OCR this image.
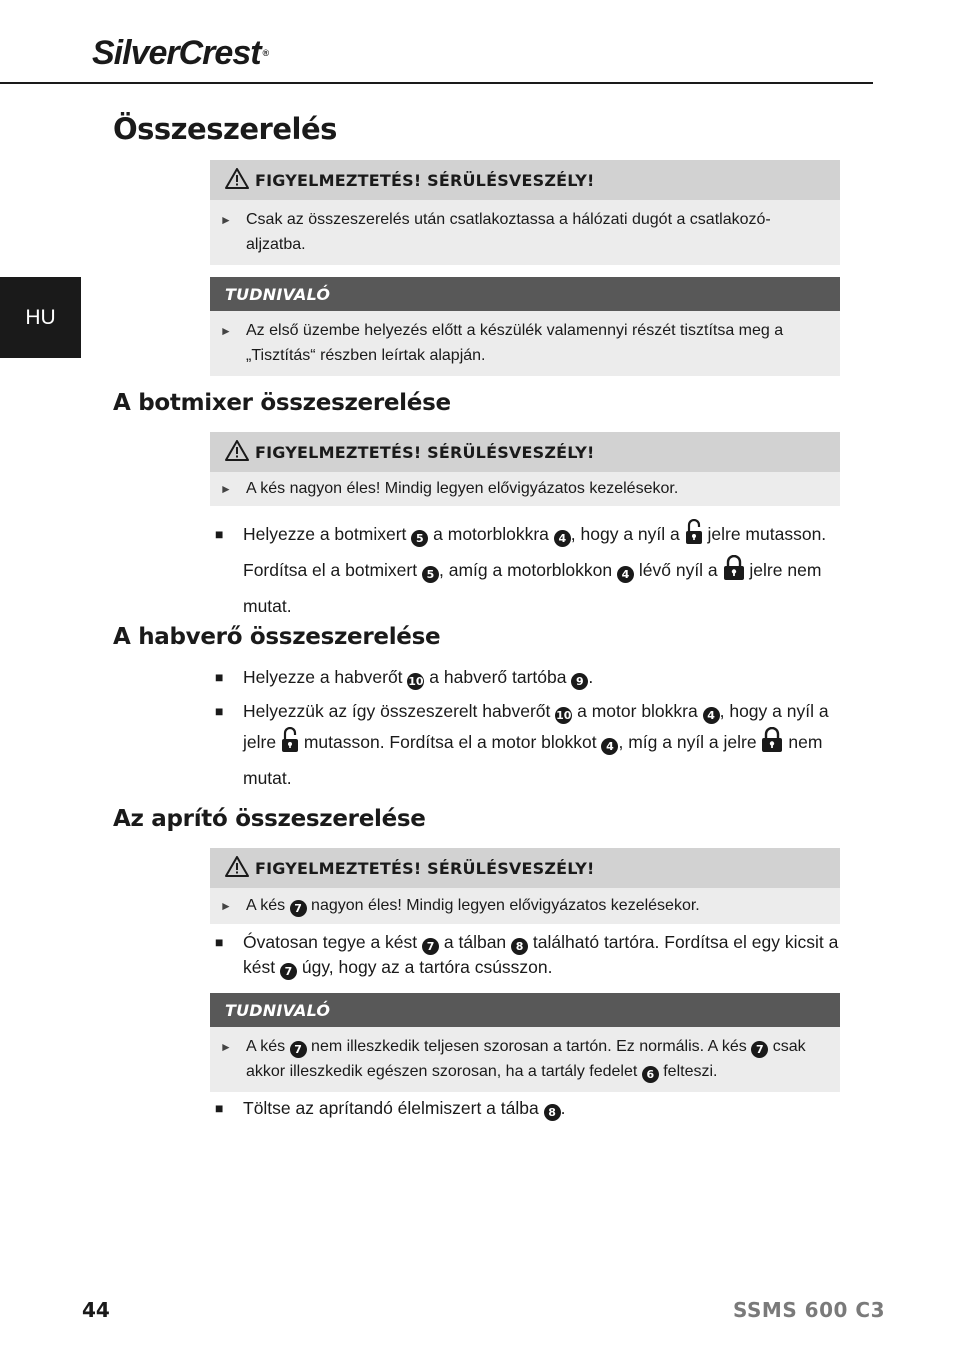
SilverCrest ®
HU
Összeszerelés
FIGYELMEZTETÉS! SÉRÜLÉSVESZÉLY!
► Csak az összeszerelés után csatlakoztassa a hálózati dugót a csatlakozó-aljzatba.
TUDNIVALÓ
► Az első üzembe helyezés előtt a készülék valamennyi részét tisztítsa meg a „Tisztítás“ részben leírtak alapján.
A botmixer összeszerelése
FIGYELMEZTETÉS! SÉRÜLÉSVESZÉLY!
► A kés nagyon éles! Mindig legyen elővigyázatos kezelésekor.
■	Helyezze a botmixert 5 a motorblokkra 4 , hogy a nyíl a jelre mutasson. Fordítsa el a botmixert 5 , amíg a motorblokkon 4 lévő nyíl a jelre nem mutat.
A habverő összeszerelése
■	Helyezze a habverőt 10 a habverő tartóba 9 .
■	Helyezzük az így összeszerelt habverőt 10 a motor blokkra 4 , hogy a nyíl a jelre mutasson. Fordítsa el a motor blokkot 4 , míg a nyíl a jelre nem mutat.
Az aprító összeszerelése
FIGYELMEZTETÉS! SÉRÜLÉSVESZÉLY!
► A kés 7 nagyon éles! Mindig legyen elővigyázatos kezelésekor.
■	Óvatosan tegye a kést 7 a tálban 8 található tartóra. Fordítsa el egy kicsit a kést 7 úgy, hogy az a tartóra csússzon.
TUDNIVALÓ
► A kés 7 nem illeszkedik teljesen szorosan a tartón. Ez normális. A kés 7 csak akkor illeszkedik egészen szorosan, ha a tartály fedelet 6 felteszi.
■	Töltse az aprítandó élelmiszert a tálba 8 .
44	SSMS 600 C3
